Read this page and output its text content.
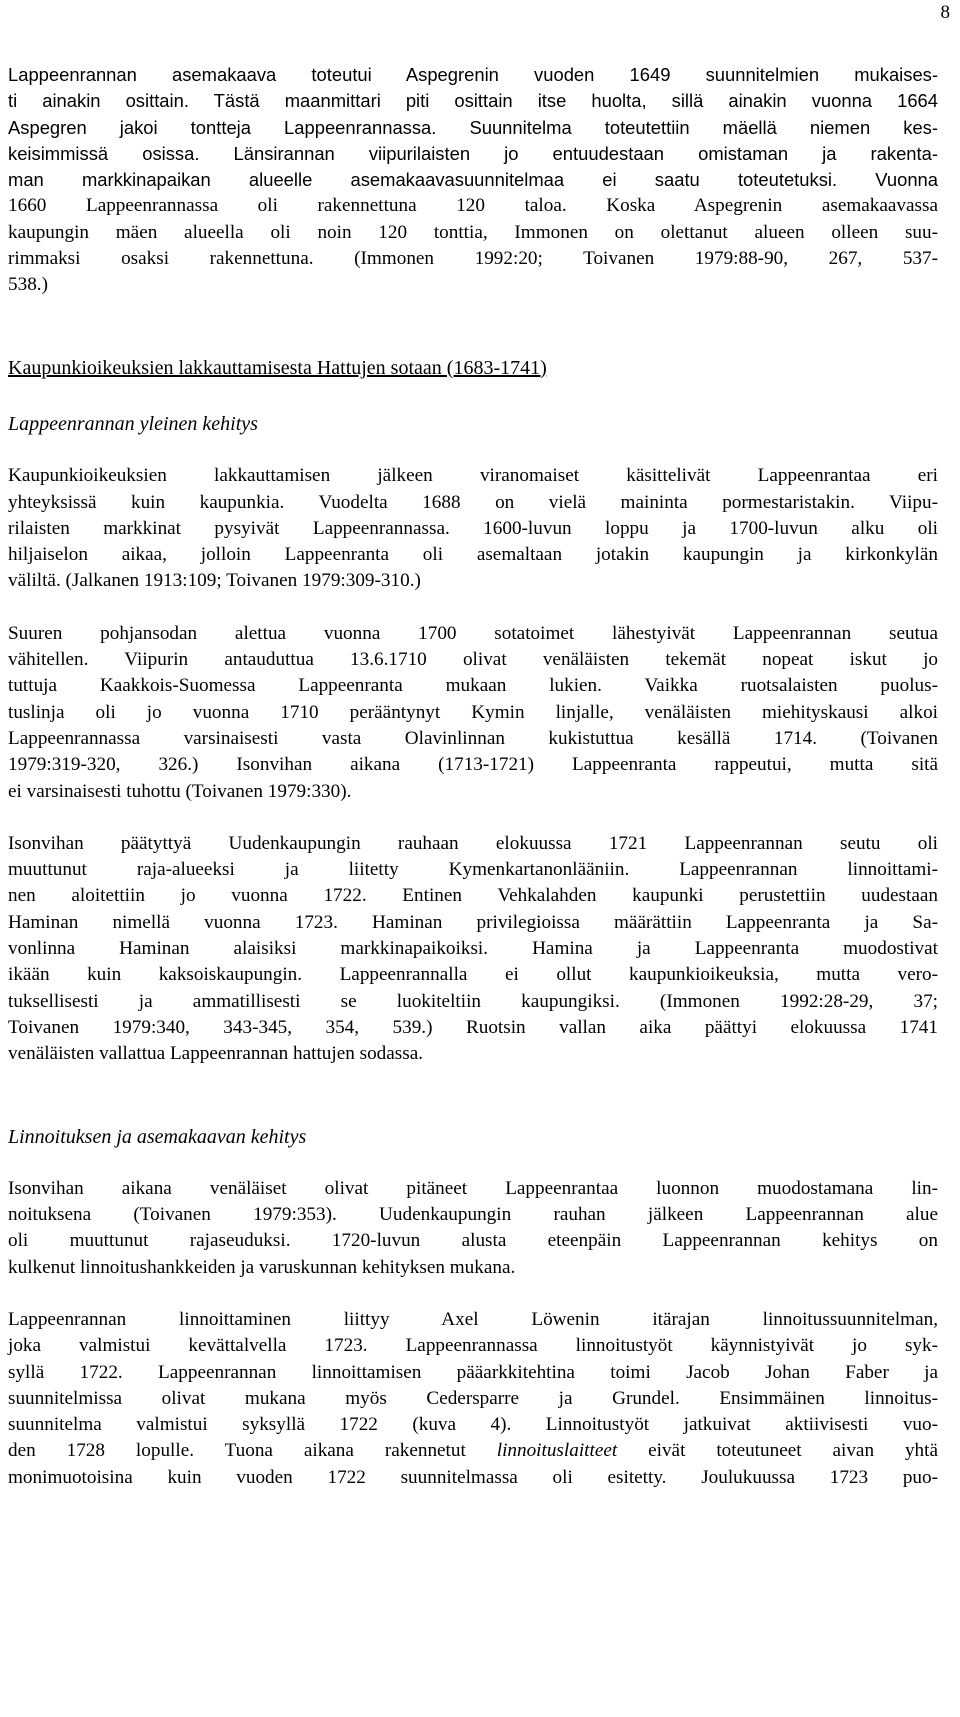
8
Lappeenrannan asemakaava toteutui Aspegrenin vuoden 1649 suunnitelmien mukaises-
ti ainakin osittain. Tästä maanmittari piti osittain itse huolta, sillä ainakin vuonna 1664
Aspegren jakoi tontteja Lappeenrannassa. Suunnitelma toteutettiin mäellä niemen kes-
keisimmissä osissa. Länsirannan viipurilaisten jo entuudestaan omistaman ja rakenta-
man markkinapaikan alueelle asemakaavasuunnitelmaa ei saatu toteutetuksi. Vuonna
1660 Lappeenrannassa oli rakennettuna 120 taloa. Koska Aspegrenin asemakaavassa
kaupungin mäen alueella oli noin 120 tonttia, Immonen on olettanut alueen olleen suu-
rimmaksi osaksi rakennettuna. (Immonen 1992:20; Toivanen 1979:88-90, 267, 537-
538.)
Kaupunkioikeuksien lakkauttamisesta Hattujen sotaan (1683-1741)
Lappeenrannan yleinen kehitys
Kaupunkioikeuksien lakkauttamisen jälkeen viranomaiset käsittelivät Lappeenrantaa eri
yhteyksissä kuin kaupunkia. Vuodelta 1688 on vielä maininta pormestaristakin. Viipu-
rilaisten markkinat pysyivät Lappeenrannassa. 1600-luvun loppu ja 1700-luvun alku oli
hiljaiselon aikaa, jolloin Lappeenranta oli asemaltaan jotakin kaupungin ja kirkonkylän
väliltä. (Jalkanen 1913:109; Toivanen 1979:309-310.)
Suuren pohjansodan alettua vuonna 1700 sotatoimet lähestyivät Lappeenrannan seutua
vähitellen. Viipurin antauduttua 13.6.1710 olivat venäläisten tekemät nopeat iskut jo
tuttuja Kaakkois-Suomessa Lappeenranta mukaan lukien. Vaikka ruotsalaisten puolus-
tuslinja oli jo vuonna 1710 perääntynyt Kymin linjalle, venäläisten miehityskausi alkoi
Lappeenrannassa varsinaisesti vasta Olavinlinnan kukistuttua kesällä 1714. (Toivanen
1979:319-320, 326.) Isonvihan aikana (1713-1721) Lappeenranta rappeutui, mutta sitä
ei varsinaisesti tuhottu (Toivanen 1979:330).
Isonvihan päätyttyä Uudenkaupungin rauhaan elokuussa 1721 Lappeenrannan seutu oli
muuttunut raja-alueeksi ja liitetty Kymenkartanonlääniin. Lappeenrannan linnoittami-
nen aloitettiin jo vuonna 1722. Entinen Vehkalahden kaupunki perustettiin uudestaan
Haminan nimellä vuonna 1723. Haminan privilegioissa määrättiin Lappeenranta ja Sa-
vonlinna Haminan alaisiksi markkinapaikoiksi. Hamina ja Lappeenranta muodostivat
ikään kuin kaksoiskaupungin. Lappeenrannalla ei ollut kaupunkioikeuksia, mutta vero-
tuksellisesti ja ammatillisesti se luokiteltiin kaupungiksi. (Immonen 1992:28-29, 37;
Toivanen 1979:340, 343-345, 354, 539.) Ruotsin vallan aika päättyi elokuussa 1741
venäläisten vallattua Lappeenrannan hattujen sodassa.
Linnoituksen ja asemakaavan kehitys
Isonvihan aikana venäläiset olivat pitäneet Lappeenrantaa luonnon muodostamana lin-
noituksena (Toivanen 1979:353). Uudenkaupungin rauhan jälkeen Lappeenrannan alue
oli muuttunut rajaseuduksi. 1720-luvun alusta eteenpäin Lappeenrannan kehitys on
kulkenut linnoitushankkeiden ja varuskunnan kehityksen mukana.
Lappeenrannan linnoittaminen liittyy Axel Löwenin itärajan linnoitussuunnitelman,
joka valmistui kevättalvella 1723. Lappeenrannassa linnoitustyöt käynnistyivät jo syk-
syllä 1722. Lappeenrannan linnoittamisen pääarkkitehtina toimi Jacob Johan Faber ja
suunnitelmissa olivat mukana myös Cedersparre ja Grundel. Ensimmäinen linnoitus-
suunnitelma valmistui syksyllä 1722 (kuva 4). Linnoitustyöt jatkuivat aktiivisesti vuo-
den 1728 lopulle. Tuona aikana rakennetut linnoituslaitteet eivät toteutuneet aivan yhtä
monimuotoisina kuin vuoden 1722 suunnitelmassa oli esitetty. Joulukuussa 1723 puo-
